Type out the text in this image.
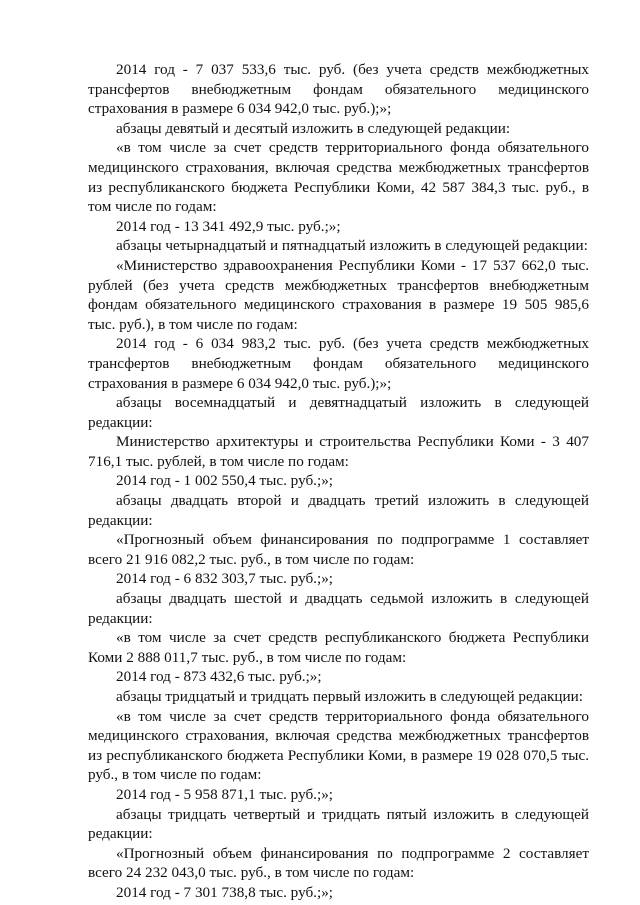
2014 год - 7 037 533,6 тыс. руб. (без учета средств межбюджетных трансфертов внебюджетным фондам обязательного медицинского страхования в размере 6 034 942,0 тыс. руб.);»;

абзацы девятый и десятый изложить в следующей редакции:

«в том числе за счет средств территориального фонда обязательного медицинского страхования, включая средства межбюджетных трансфертов из республиканского бюджета Республики Коми, 42 587 384,3 тыс. руб., в том числе по годам:

2014 год - 13 341 492,9 тыс. руб.;»;

абзацы четырнадцатый и пятнадцатый изложить в следующей редакции:

«Министерство здравоохранения Республики Коми - 17 537 662,0 тыс. рублей (без учета средств межбюджетных трансфертов внебюджетным фондам обязательного медицинского страхования в размере 19 505 985,6 тыс. руб.), в том числе по годам:

2014 год - 6 034 983,2 тыс. руб. (без учета средств межбюджетных трансфертов внебюджетным фондам обязательного медицинского страхования в размере 6 034 942,0 тыс. руб.);»;

абзацы восемнадцатый и девятнадцатый изложить в следующей редакции:

Министерство архитектуры и строительства Республики Коми - 3 407 716,1 тыс. рублей, в том числе по годам:

2014 год - 1 002 550,4 тыс. руб.;»;

абзацы двадцать второй и двадцать третий изложить в следующей редакции:

«Прогнозный объем финансирования по подпрограмме 1 составляет всего 21 916 082,2 тыс. руб., в том числе по годам:

2014 год - 6 832 303,7 тыс. руб.;»;

абзацы двадцать шестой и двадцать седьмой изложить в следующей редакции:

«в том числе за счет средств республиканского бюджета Республики Коми 2 888 011,7 тыс. руб., в том числе по годам:

2014 год - 873 432,6 тыс. руб.;»;

абзацы тридцатый и тридцать первый изложить в следующей редакции:

«в том числе за счет средств территориального фонда обязательного медицинского страхования, включая средства межбюджетных трансфертов из республиканского бюджета Республики Коми, в размере 19 028 070,5 тыс. руб., в том числе по годам:

2014 год - 5 958 871,1 тыс. руб.;»;

абзацы тридцать четвертый и тридцать пятый изложить в следующей редакции:

«Прогнозный объем финансирования по подпрограмме 2 составляет всего 24 232 043,0 тыс. руб., в том числе по годам:

2014 год - 7 301 738,8 тыс. руб.;»;
